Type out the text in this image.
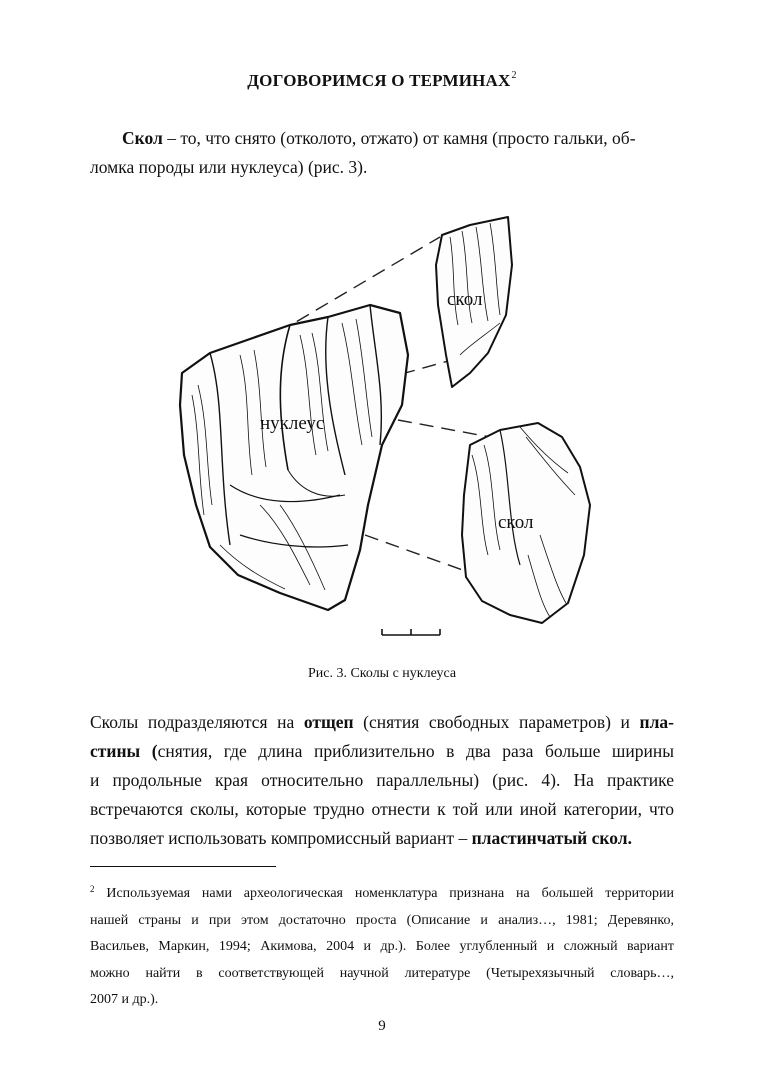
ДОГОВОРИМСЯ О ТЕРМИНАХ$^2$
Скол – то, что снято (отколото, отжато) от камня (просто гальки, об-
ломка породы или нуклеуса) (рис. 3).
нуклеус
скол
скол
Рис. 3. Сколы с нуклеуса
Сколы подразделяются на отщеп (снятия свободных параметров) и пла-
стины (снятия, где длина приблизительно в два раза больше ширины
и продольные края относительно параллельны) (рис. 4). На практике
встречаются сколы, которые трудно отнести к той или иной категории, что
позволяет использовать компромиссный вариант – пластинчатый скол.
$^2$ Используемая нами археологическая номенклатура признана на большей территории
нашей страны и при этом достаточно проста (Описание и анализ…, 1981; Деревянко,
Васильев, Маркин, 1994; Акимова, 2004 и др.). Более углубленный и сложный вариант
можно найти в соответствующей научной литературе (Четырехязычный словарь…,
2007 и др.).
9
